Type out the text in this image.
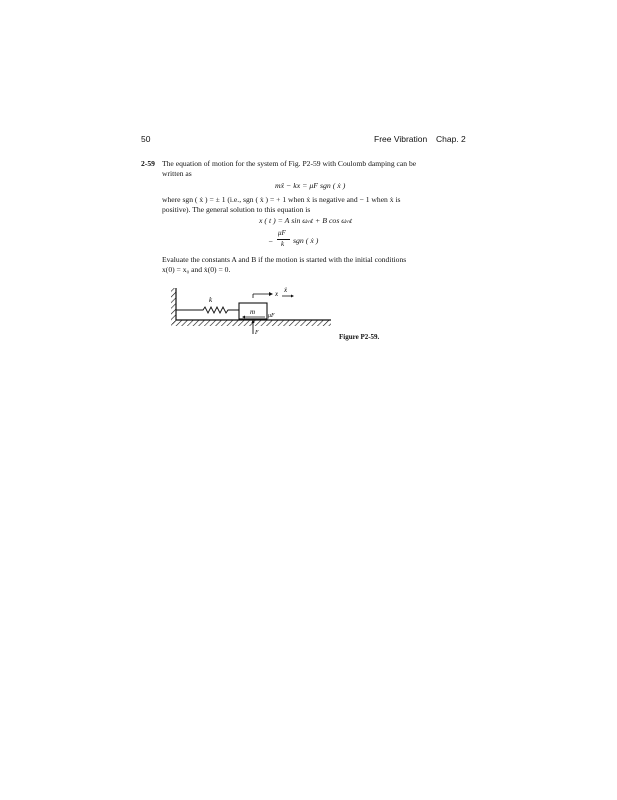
50	Free Vibration Chap. 2
2-59 The equation of motion for the system of Fig. P2-59 with Coulomb damping can be
written as
mẍ − kx = μF sgn ( ẋ )
where sgn ( ẋ ) = ± 1 (i.e., sgn ( ẋ ) = + 1 when ẋ is negative and − 1 when ẋ is
positive). The general solution to this equation is
x ( t ) = A sin ωₙt + B cos ωₙt
−
μF
k sgn ( ẋ )
Evaluate the constants A and B if the motion is started with the initial conditions
x(0) = x₀ and ẋ(0) = 0.
k
m
x ẋ
μF
F	Figure P2-59.
